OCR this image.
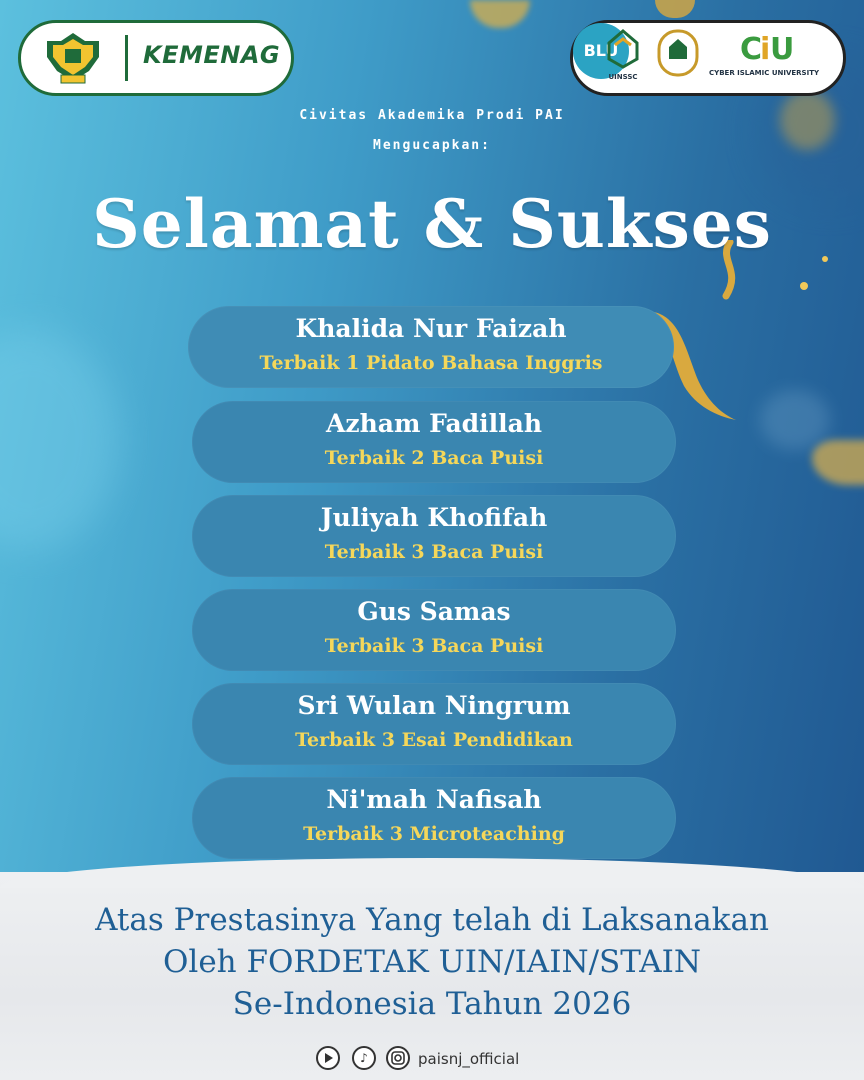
KEMENAG
UINSSC
C
i U
CYBER ISLAMIC UNIVERSITY
BLU
Civitas Akademika Prodi PAI
Mengucapkan:
Selamat & Sukses
Khalida Nur Faizah
Terbaik 1 Pidato Bahasa Inggris
Azham Fadillah
Terbaik 2 Baca Puisi
Juliyah Khofifah
Terbaik 3 Baca Puisi
Gus Samas
Terbaik 3 Baca Puisi
Sri Wulan Ningrum
Terbaik 3 Esai Pendidikan
Ni'mah Nafisah
Terbaik 3 Microteaching
Atas Prestasinya Yang telah di Laksanakan
Oleh FORDETAK UIN/IAIN/STAIN
Se-Indonesia Tahun 2026
♪	paisnj_official
